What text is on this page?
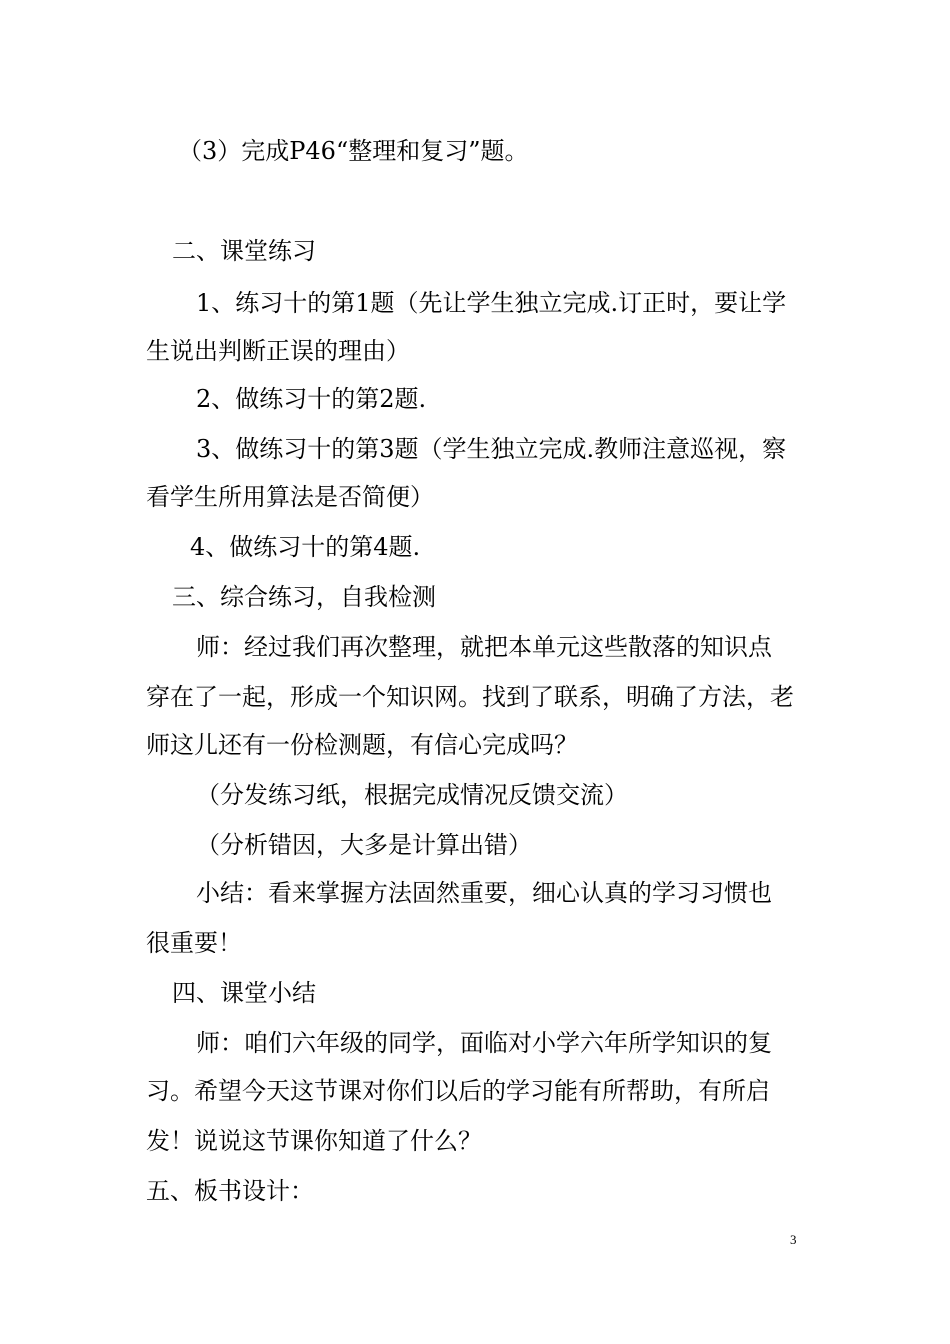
（3）完成P46“整理和复习”题。
二、课堂练习
1、练习十的第1题（先让学生独立完成.订正时，要让学
生说出判断正误的理由）
2、做练习十的第2题.
3、做练习十的第3题（学生独立完成.教师注意巡视，察
看学生所用算法是否简便）
4、做练习十的第4题.
三、综合练习，自我检测
师：经过我们再次整理，就把本单元这些散落的知识点
穿在了一起，形成一个知识网。找到了联系，明确了方法，老
师这儿还有一份检测题，有信心完成吗？
（分发练习纸，根据完成情况反馈交流）
（分析错因，大多是计算出错）
小结：看来掌握方法固然重要，细心认真的学习习惯也
很重要！
四、课堂小结
师：咱们六年级的同学，面临对小学六年所学知识的复
习。希望今天这节课对你们以后的学习能有所帮助，有所启
发！说说这节课你知道了什么？
五、板书设计：
3
